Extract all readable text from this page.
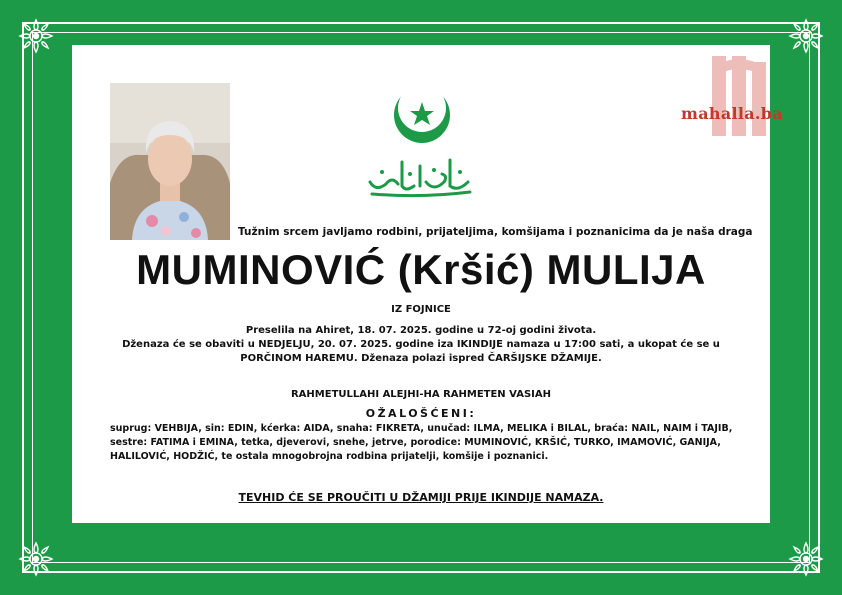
mahalla.ba
Tužnim srcem javljamo rodbini, prijateljima, komšijama i poznanicima da je naša draga
MUMINOVIĆ (Kršić) MULIJA
IZ FOJNICE
Preselila na Ahiret, 18. 07. 2025. godine u 72-oj godini života.
Dženaza će se obaviti u NEDJELJU, 20. 07. 2025. godine iza IKINDIJE namaza u 17:00 sati, a ukopat će se u
PORČINOM HAREMU. Dženaza polazi ispred ČARŠIJSKE DŽAMIJE.
RAHMETULLAHI ALEJHI-HA RAHMETEN VASIAH
OŽALOŠĆENI:
suprug: VEHBIJA, sin: EDIN, kćerka: AIDA, snaha: FIKRETA, unučad: ILMA, MELIKA i BILAL, braća: NAIL, NAIM i TAJIB,
sestre: FATIMA i EMINA, tetka, djeverovi, snehe, jetrve, porodice: MUMINOVIĆ, KRŠIĆ, TURKO, IMAMOVIĆ, GANIJA,
HALILOVIĆ, HODŽIĆ, te ostala mnogobrojna rodbina prijatelji, komšije i poznanici.
TEVHID ĆE SE PROUČITI U DŽAMIJI PRIJE IKINDIJE NAMAZA.
